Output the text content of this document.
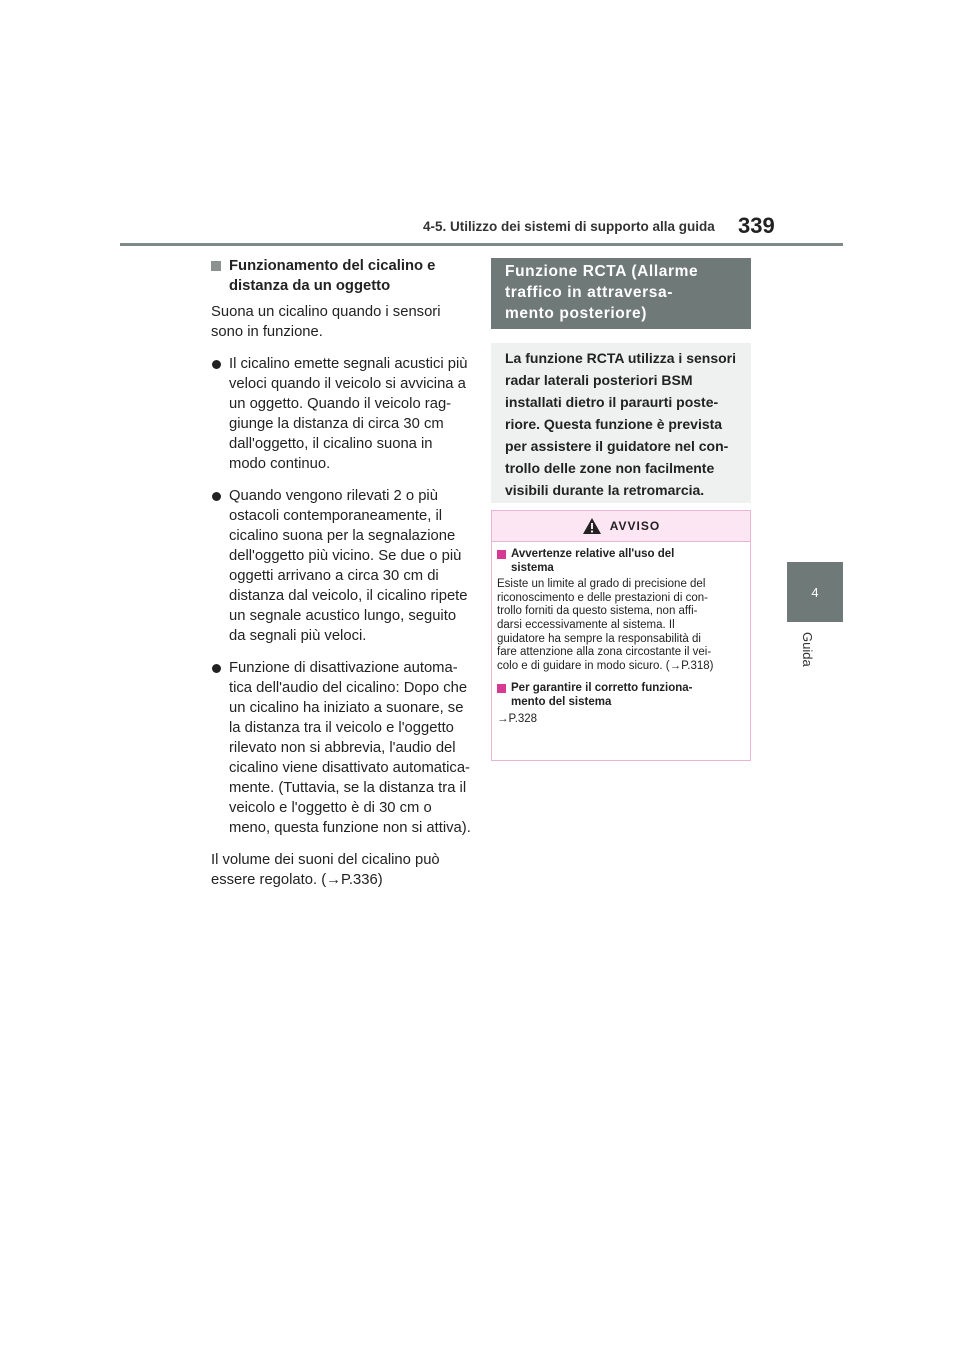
4-5. Utilizzo dei sistemi di supporto alla guida 339
4
Guida
Funzionamento del cicalino e
distanza da un oggetto
Suona un cicalino quando i sensori
sono in funzione.
Il cicalino emette segnali acustici più
veloci quando il veicolo si avvicina a
un oggetto. Quando il veicolo rag-
giunge la distanza di circa 30 cm
dall'oggetto, il cicalino suona in
modo continuo.
Quando vengono rilevati 2 o più
ostacoli contemporaneamente, il
cicalino suona per la segnalazione
dell'oggetto più vicino. Se due o più
oggetti arrivano a circa 30 cm di
distanza dal veicolo, il cicalino ripete
un segnale acustico lungo, seguito
da segnali più veloci.
Funzione di disattivazione automa-
tica dell'audio del cicalino: Dopo che
un cicalino ha iniziato a suonare, se
la distanza tra il veicolo e l'oggetto
rilevato non si abbrevia, l'audio del
cicalino viene disattivato automatica-
mente. (Tuttavia, se la distanza tra il
veicolo e l'oggetto è di 30 cm o
meno, questa funzione non si attiva).
Il volume dei suoni del cicalino può
essere regolato. (→P.336)
Funzione RCTA (Allarme
traffico in attraversa-
mento posteriore)
La funzione RCTA utilizza i sensori
radar laterali posteriori BSM
installati dietro il paraurti poste-
riore. Questa funzione è prevista
per assistere il guidatore nel con-
trollo delle zone non facilmente
visibili durante la retromarcia.
AVVISO
Avvertenze relative all'uso del
sistema
Esiste un limite al grado di precisione del
riconoscimento e delle prestazioni di con-
trollo forniti da questo sistema, non affi-
darsi eccessivamente al sistema. Il
guidatore ha sempre la responsabilità di
fare attenzione alla zona circostante il vei-
colo e di guidare in modo sicuro. (→P.318)
Per garantire il corretto funziona-
mento del sistema
→P.328
